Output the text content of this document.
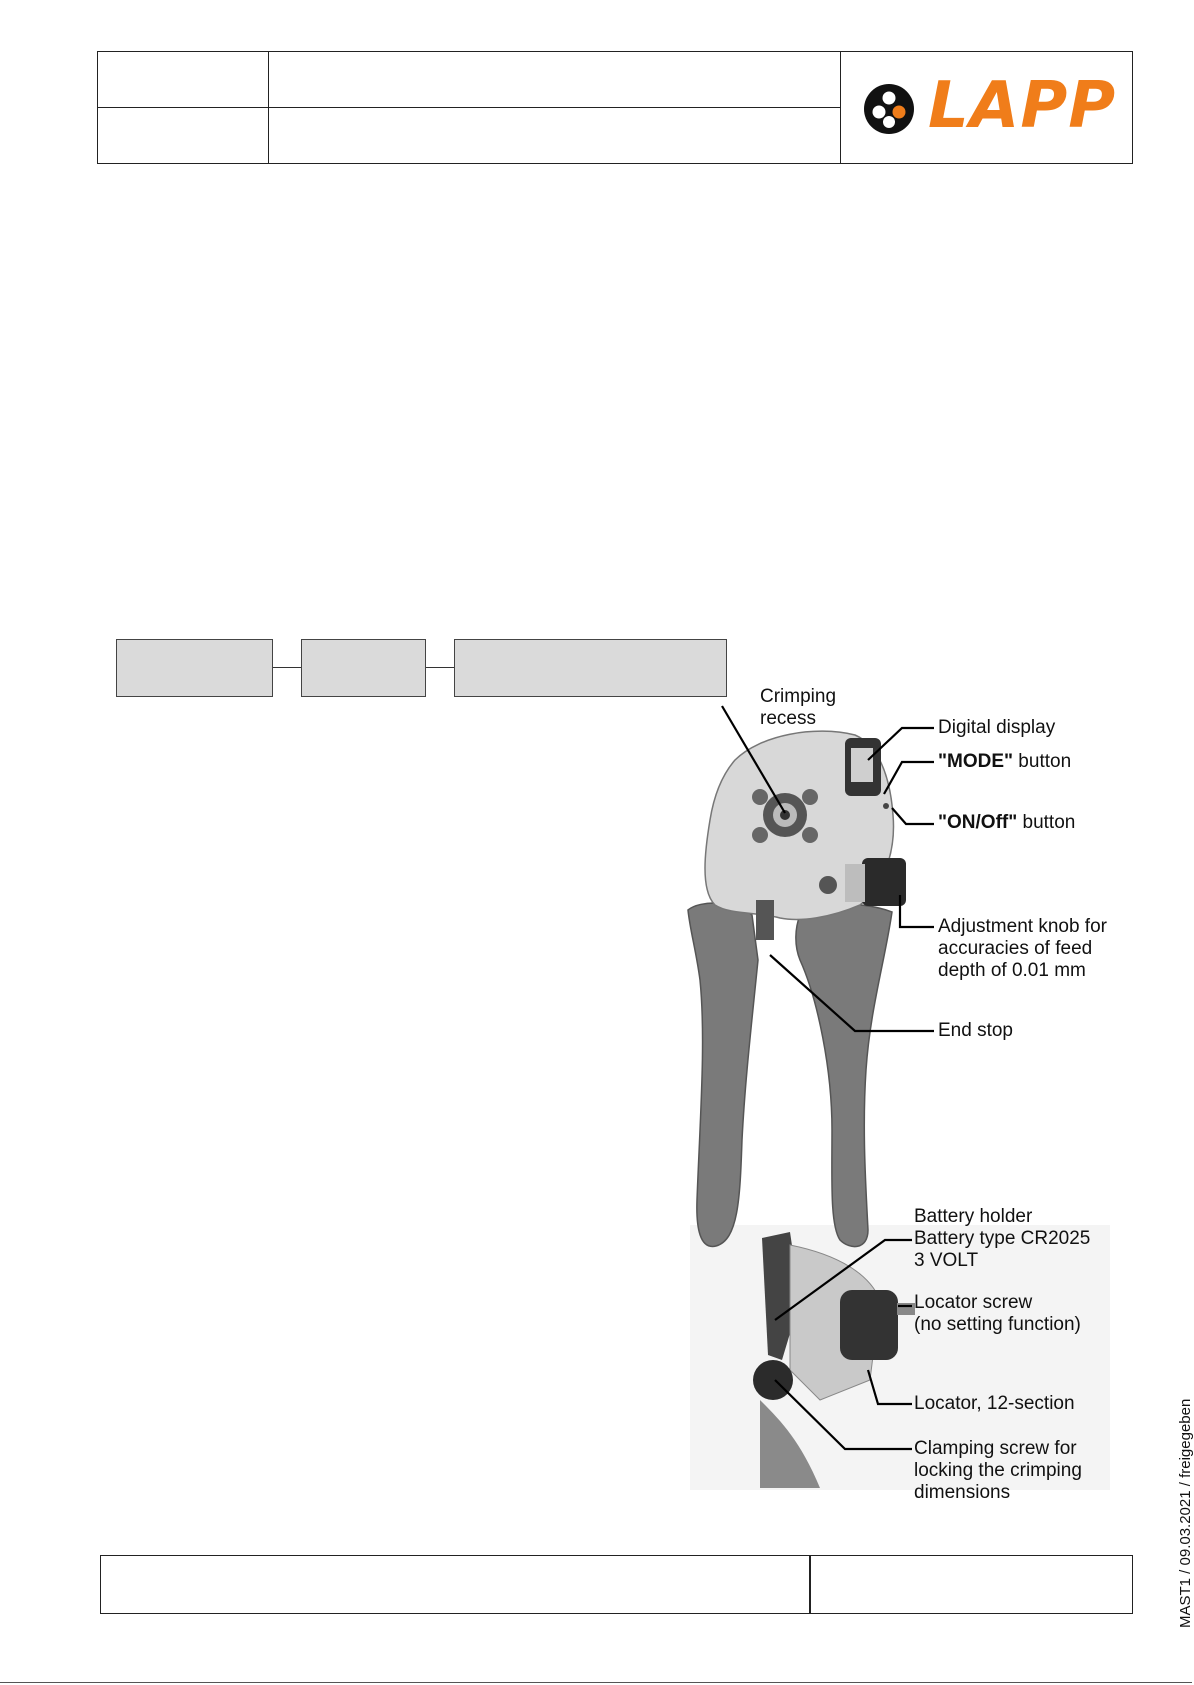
LAPP
Crimping
recess	Digital display
"MODE" button
"ON/Off" button
Adjustment knob for
accuracies of feed
depth of 0.01 mm
End stop
Battery holder
Battery type CR2025
3 VOLT
Locator screw
(no setting function)
Locator, 12-section
Clamping screw for
locking the crimping
dimensions	MAST1 / 09.03.2021 / freigegeben
